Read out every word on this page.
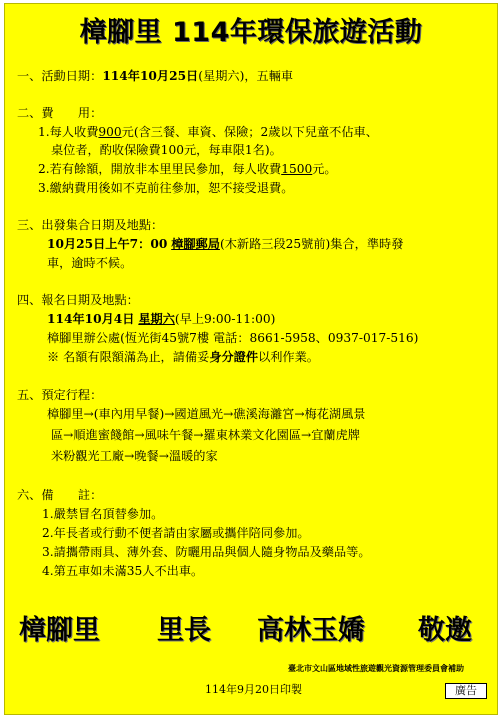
樟腳里 114年環保旅遊活動
一、活動日期：114年10月25日(星期六)，五輛車
二、費　　用：
1.每人收費900元(含三餐、車資、保險；2歲以下兒童不佔車、
桌位者，酌收保險費100元，每車限1名)。
2.若有餘額，開放非本里里民參加，每人收費1500元。
3.繳納費用後如不克前往參加，恕不接受退費。
三、出發集合日期及地點：
10月25日上午7：00 樟腳郵局(木新路三段25號前)集合，準時發
車，逾時不候。
四、報名日期及地點：
114年10月4日 星期六(早上9:00-11:00)
樟腳里辦公處(恆光街45號7樓 電話：8661-5958、0937-017-516)
※ 名額有限額滿為止，請備妥身分證件以利作業。
五、預定行程：
樟腳里→(車內用早餐)→國道風光→礁溪海灕宮→梅花湖風景
區→順進蜜餞館→風味午餐→羅東林業文化園區→宜蘭虎牌
米粉觀光工廠→晚餐→溫暖的家
六、備　　註：
1.嚴禁冒名頂替參加。
2.年長者或行動不便者請由家屬或攜伴陪同參加。
3.請攜帶雨具、薄外套、防曬用品與個人隨身物品及藥品等。
4.第五車如未滿35人不出車。
樟腳里 里長 高林玉嬌 敬邀
臺北市文山區地域性旅遊觀光資源管理委員會補助
114年9月20日印製	廣告
